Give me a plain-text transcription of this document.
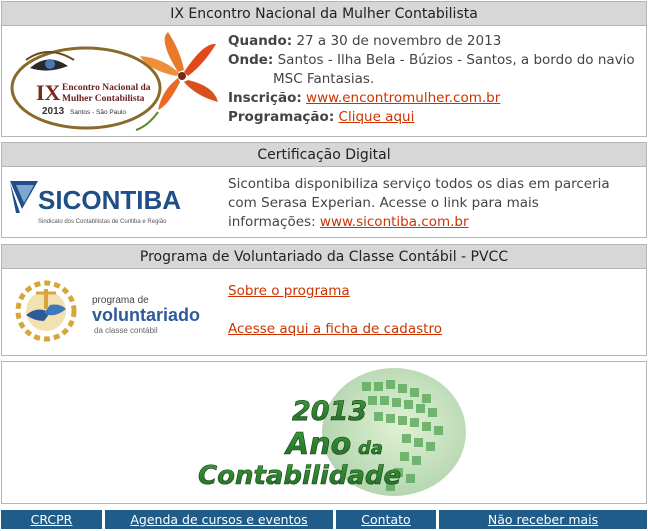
IX Encontro Nacional da Mulher Contabilista
IX Encontro Nacional da
Mulher Contabilista
2013 Santos - São Paulo
Quando: 27 a 30 de novembro de 2013
Onde: Santos - Ilha Bela - Búzios - Santos, a bordo do navio
MSC Fantasias.
Inscrição: www.encontromulher.com.br
Programação: Clique aqui
Certificação Digital
SICONTIBA
Sindicato dos Contabilistas de Curitiba e Região
Sicontiba disponibiliza serviço todos os dias em parceria
com Serasa Experian. Acesse o link para mais
informações: www.sicontiba.com.br
Programa de Voluntariado da Classe Contábil - PVCC
programa de
voluntariado
da classe contábil
Sobre o programa
Acesse aqui a ficha de cadastro
2013
Ano da
Contabilidade
CRCPR	Agenda de cursos e eventos	Contato	Não receber mais
